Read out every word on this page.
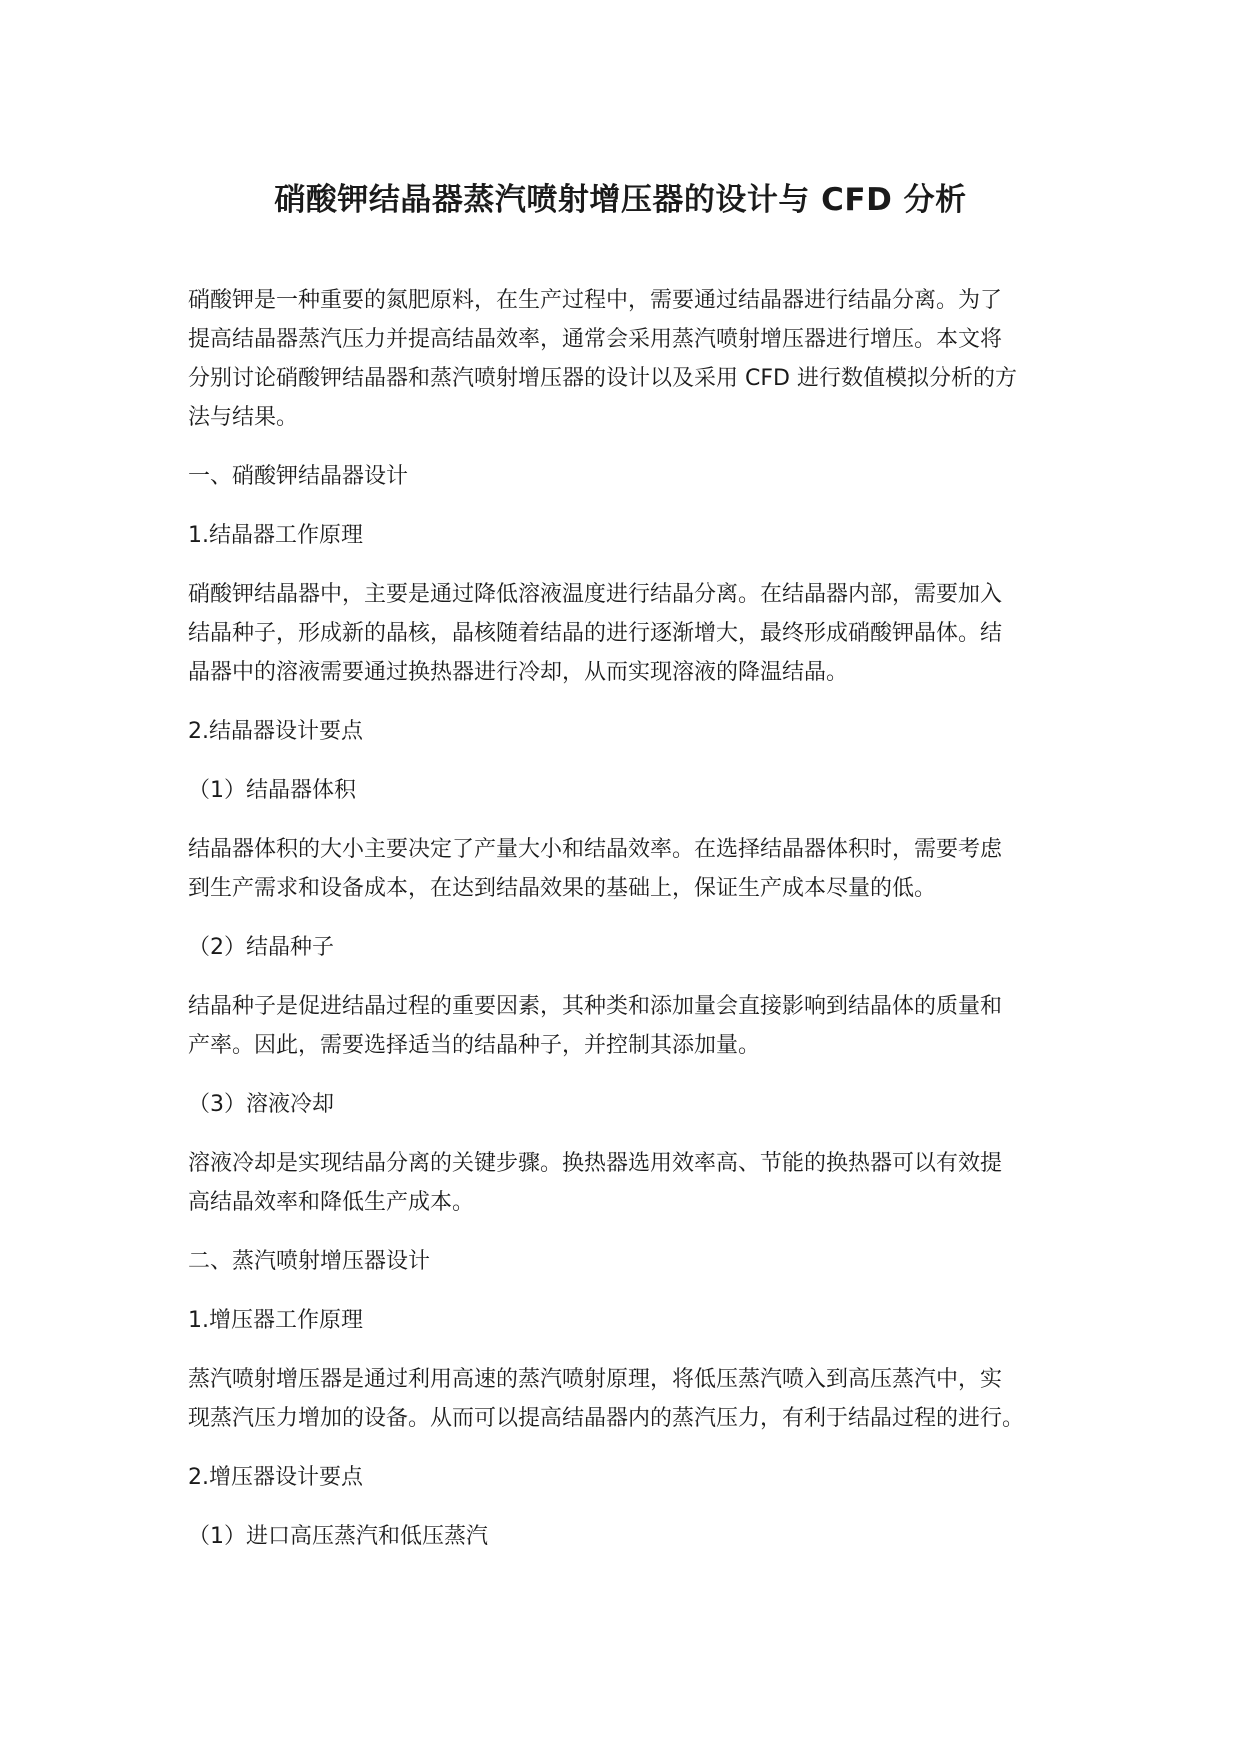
硝酸钾结晶器蒸汽喷射增压器的设计与 CFD 分析
硝酸钾是一种重要的氮肥原料，在生产过程中，需要通过结晶器进行结晶分离。为了
提高结晶器蒸汽压力并提高结晶效率，通常会采用蒸汽喷射增压器进行增压。本文将
分别讨论硝酸钾结晶器和蒸汽喷射增压器的设计以及采用 CFD 进行数值模拟分析的方
法与结果。
一、硝酸钾结晶器设计
1.结晶器工作原理
硝酸钾结晶器中，主要是通过降低溶液温度进行结晶分离。在结晶器内部，需要加入
结晶种子，形成新的晶核，晶核随着结晶的进行逐渐增大，最终形成硝酸钾晶体。结
晶器中的溶液需要通过换热器进行冷却，从而实现溶液的降温结晶。
2.结晶器设计要点
（1）结晶器体积
结晶器体积的大小主要决定了产量大小和结晶效率。在选择结晶器体积时，需要考虑
到生产需求和设备成本，在达到结晶效果的基础上，保证生产成本尽量的低。
（2）结晶种子
结晶种子是促进结晶过程的重要因素，其种类和添加量会直接影响到结晶体的质量和
产率。因此，需要选择适当的结晶种子，并控制其添加量。
（3）溶液冷却
溶液冷却是实现结晶分离的关键步骤。换热器选用效率高、节能的换热器可以有效提
高结晶效率和降低生产成本。
二、蒸汽喷射增压器设计
1.增压器工作原理
蒸汽喷射增压器是通过利用高速的蒸汽喷射原理，将低压蒸汽喷入到高压蒸汽中，实
现蒸汽压力增加的设备。从而可以提高结晶器内的蒸汽压力，有利于结晶过程的进行。
2.增压器设计要点
（1）进口高压蒸汽和低压蒸汽
